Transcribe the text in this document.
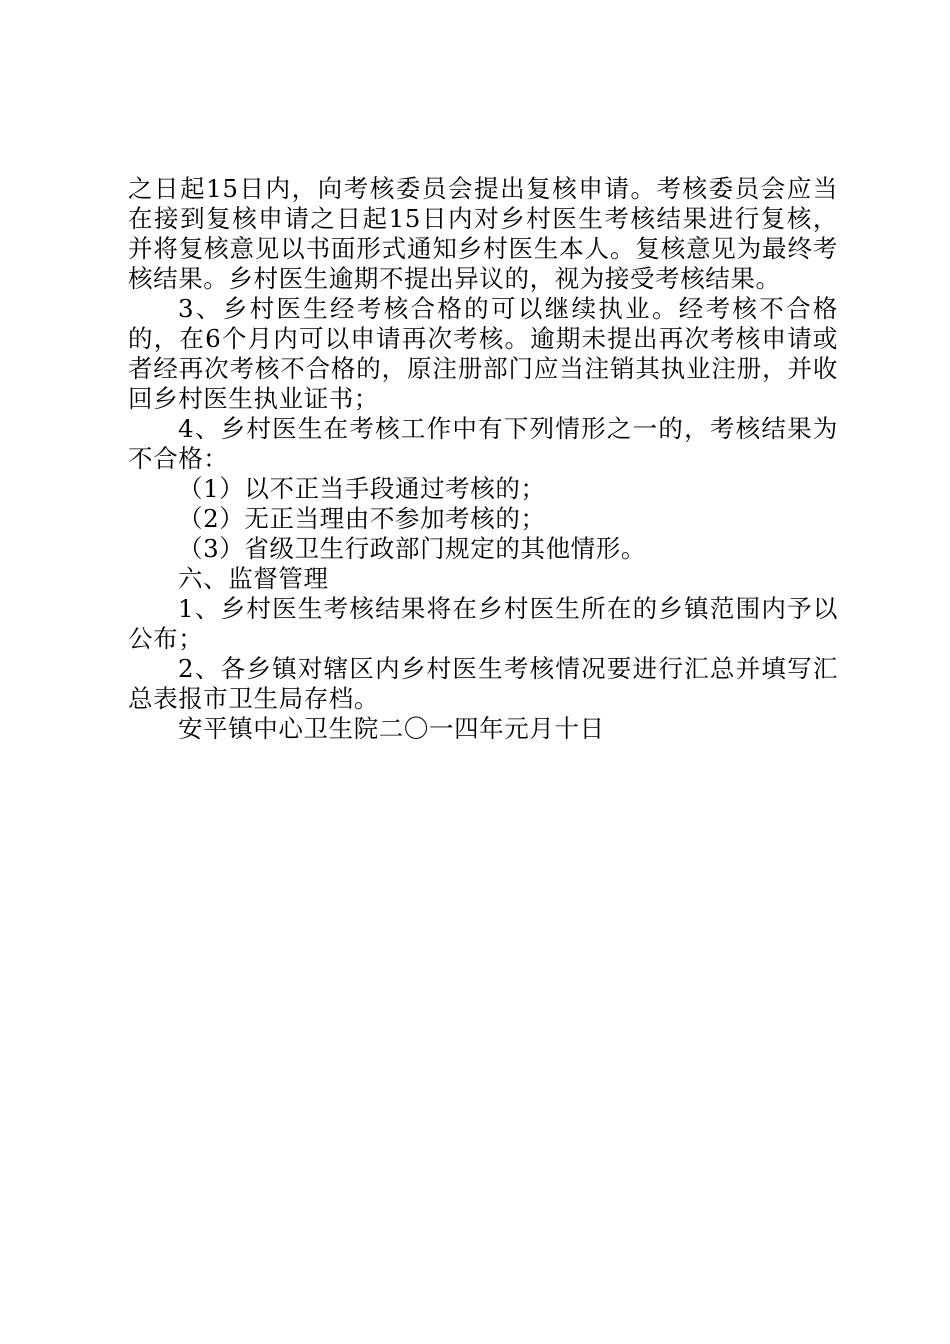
之日起15日内，向考核委员会提出复核申请。考核委员会应当在接到复核申请之日起15日内对乡村医生考核结果进行复核，并将复核意见以书面形式通知乡村医生本人。复核意见为最终考核结果。乡村医生逾期不提出异议的，视为接受考核结果。

3、乡村医生经考核合格的可以继续执业。经考核不合格的，在6个月内可以申请再次考核。逾期未提出再次考核申请或者经再次考核不合格的，原注册部门应当注销其执业注册，并收回乡村医生执业证书；

4、乡村医生在考核工作中有下列情形之一的，考核结果为不合格：

（1）以不正当手段通过考核的；

（2）无正当理由不参加考核的；

（3）省级卫生行政部门规定的其他情形。

六、监督管理

1、乡村医生考核结果将在乡村医生所在的乡镇范围内予以公布；

2、各乡镇对辖区内乡村医生考核情况要进行汇总并填写汇总表报市卫生局存档。

安平镇中心卫生院二〇一四年元月十日
